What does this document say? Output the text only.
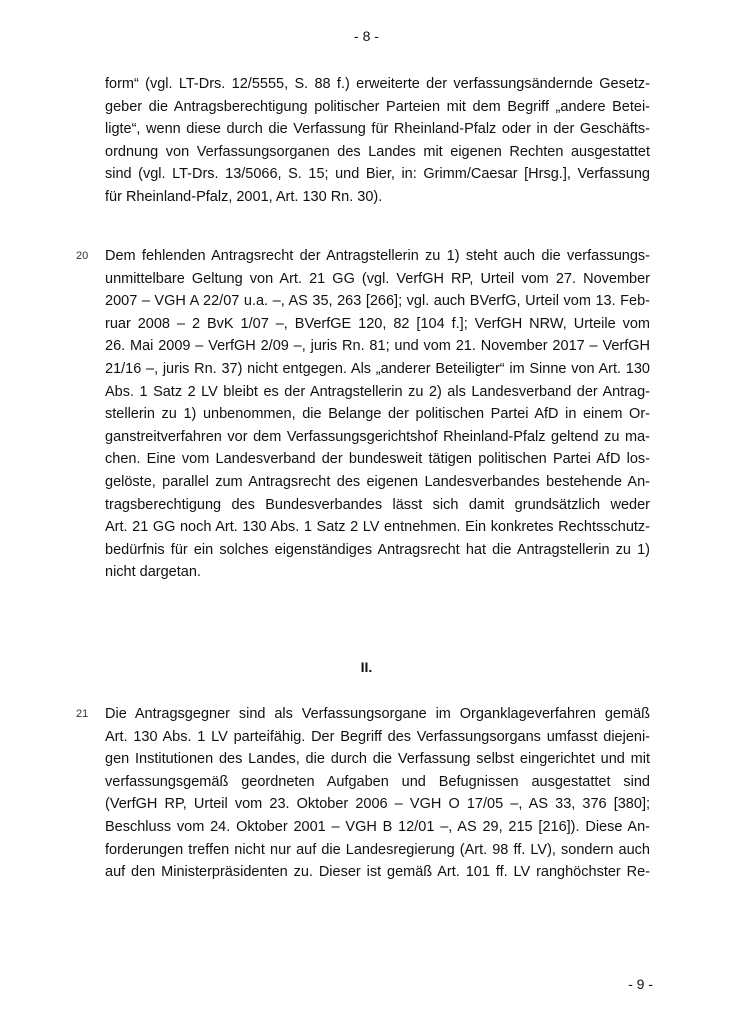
- 8 -
form“ (vgl. LT-Drs. 12/5555, S. 88 f.) erweiterte der verfassungsändernde Gesetz-
geber die Antragsberechtigung politischer Parteien mit dem Begriff „andere Betei-
ligte“, wenn diese durch die Verfassung für Rheinland-Pfalz oder in der Geschäfts-
ordnung von Verfassungsorganen des Landes mit eigenen Rechten ausgestattet
sind (vgl. LT-Drs. 13/5066, S. 15; und Bier, in: Grimm/Caesar [Hrsg.], Verfassung
für Rheinland-Pfalz, 2001, Art. 130 Rn. 30).
20 Dem fehlenden Antragsrecht der Antragstellerin zu 1) steht auch die verfassungs-
unmittelbare Geltung von Art. 21 GG (vgl. VerfGH RP, Urteil vom 27. November
2007 – VGH A 22/07 u.a. –, AS 35, 263 [266]; vgl. auch BVerfG, Urteil vom 13. Feb-
ruar 2008 – 2 BvK 1/07 –, BVerfGE 120, 82 [104 f.]; VerfGH NRW, Urteile vom
26. Mai 2009 – VerfGH 2/09 –, juris Rn. 81; und vom 21. November 2017 – VerfGH
21/16 –, juris Rn. 37) nicht entgegen. Als „anderer Beteiligter“ im Sinne von Art. 130
Abs. 1 Satz 2 LV bleibt es der Antragstellerin zu 2) als Landesverband der Antrag-
stellerin zu 1) unbenommen, die Belange der politischen Partei AfD in einem Or-
ganstreitverfahren vor dem Verfassungsgerichtshof Rheinland-Pfalz geltend zu ma-
chen. Eine vom Landesverband der bundesweit tätigen politischen Partei AfD los-
gelöste, parallel zum Antragsrecht des eigenen Landesverbandes bestehende An-
tragsberechtigung des Bundesverbandes lässt sich damit grundsätzlich weder
Art. 21 GG noch Art. 130 Abs. 1 Satz 2 LV entnehmen. Ein konkretes Rechtsschutz-
bedürfnis für ein solches eigenständiges Antragsrecht hat die Antragstellerin zu 1)
nicht dargetan.
II.
21 Die Antragsgegner sind als Verfassungsorgane im Organklageverfahren gemäß
Art. 130 Abs. 1 LV parteifähig. Der Begriff des Verfassungsorgans umfasst diejeni-
gen Institutionen des Landes, die durch die Verfassung selbst eingerichtet und mit
verfassungsgemäß geordneten Aufgaben und Befugnissen ausgestattet sind
(VerfGH RP, Urteil vom 23. Oktober 2006 – VGH O 17/05 –, AS 33, 376 [380];
Beschluss vom 24. Oktober 2001 – VGH B 12/01 –, AS 29, 215 [216]). Diese An-
forderungen treffen nicht nur auf die Landesregierung (Art. 98 ff. LV), sondern auch
auf den Ministerpräsidenten zu. Dieser ist gemäß Art. 101 ff. LV ranghöchster Re-
- 9 -
